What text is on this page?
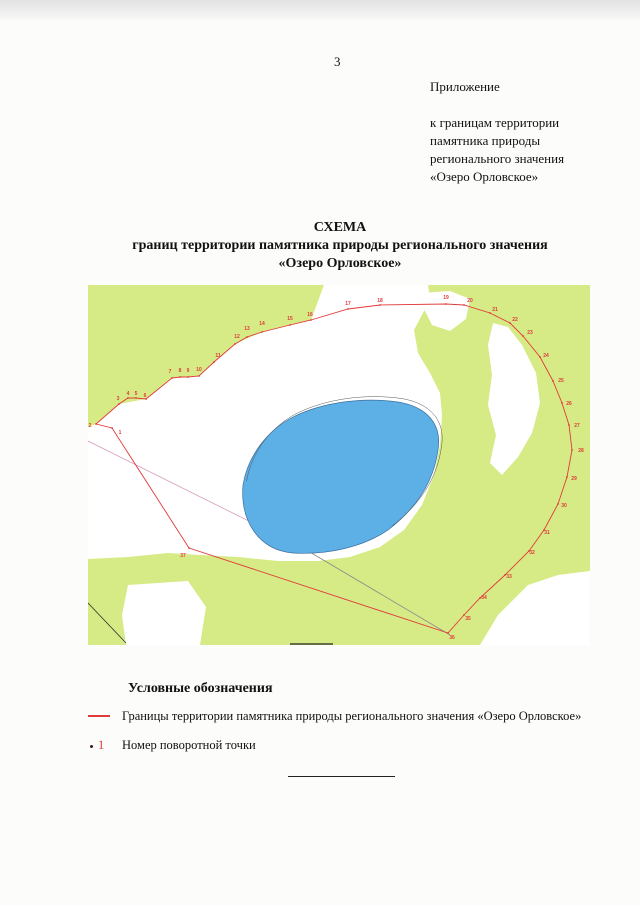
3
Приложение
к границам территории
памятника природы
регионального значения
«Озеро Орловское»
СХЕМА
границ территории памятника природы регионального значения
«Озеро Орловское»
1
2
3
4 5 6
7 8 9 10
11
12
13
14
15
16
17	18	19	20
21
22
23
24
25
26
27
28
29
30
31
32
33
34
35
36
37
Условные обозначения
Границы территории памятника природы регионального значения «Озеро Орловское»
1 Номер поворотной точки
